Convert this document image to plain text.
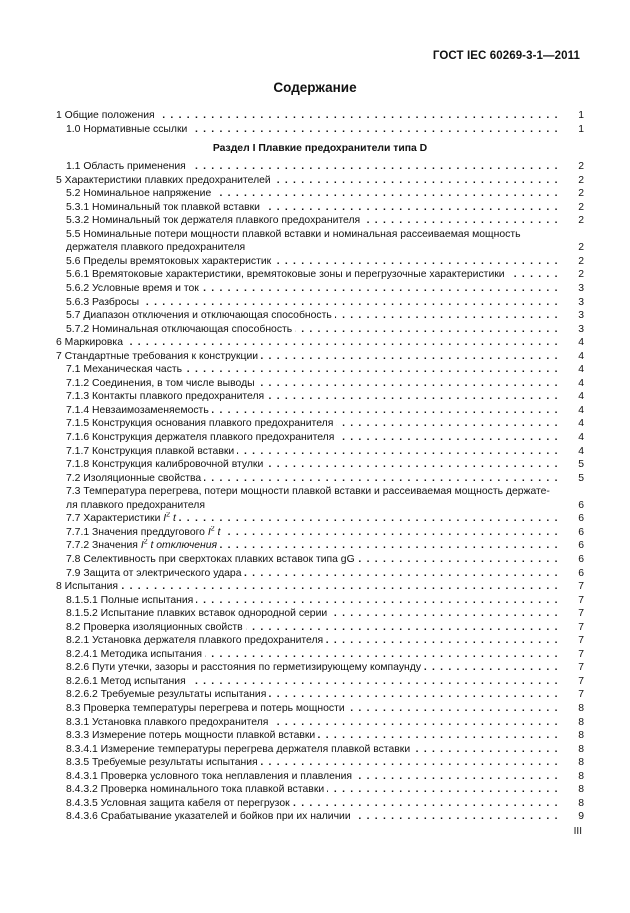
ГОСТ IEC 60269-3-1—2011
Содержание
1 Общие положения	1
. . .
1.0 Нормативные ссылки	1
. . .
Раздел I Плавкие предохранители типа D
1.1 Область применения	2
. . .
5 Характеристики плавких предохранителей	2
. . .
5.2 Номинальное напряжение	2
. . .
5.3.1 Номинальный ток плавкой вставки	2
. . .
5.3.2 Номинальный ток держателя плавкого предохранителя	2
. . .
5.5 Номинальные потери мощности плавкой вставки и номинальная рассеиваемая мощность
держателя плавкого предохранителя	2
5.6 Пределы времятоковых характеристик	2
. . .
5.6.1 Времятоковые характеристики, времятоковые зоны и перегрузочные характеристики	2
. . .
5.6.2 Условные время и ток	3
. . .
5.6.3 Разбросы	3
. . .
5.7 Диапазон отключения и отключающая способность	3
. . .
5.7.2 Номинальная отключающая способность	3
. . .
6 Маркировка	4
. . .
7 Стандартные требования к конструкции	4
. . .
7.1 Механическая часть	4
. . .
7.1.2 Соединения, в том числе выводы	4
. . .
7.1.3 Контакты плавкого предохранителя	4
. . .
7.1.4 Невзаимозаменяемость	4
. . .
7.1.5 Конструкция основания плавкого предохранителя	4
. . .
7.1.6 Конструкция держателя плавкого предохранителя	4
. . .
7.1.7 Конструкция плавкой вставки	4
. . .
7.1.8 Конструкция калибровочной втулки	5
. . .
7.2 Изоляционные свойства	5
. . .
7.3 Температура перегрева, потери мощности плавкой вставки и рассеиваемая мощность держате-
ля плавкого предохранителя	6
7.7 Характеристики $I^2$ t	6
. . .
7.7.1 Значения преддугового $I^2$ t	6
. . .
7.7.2 Значения $I^2$ t отключения	6
. . .
7.8 Селективность при сверхтоках плавких вставок типа gG	6
. . .
7.9 Защита от электрического удара	6
. . .
8 Испытания	7
. . .
8.1.5.1 Полные испытания	7
. . .
8.1.5.2 Испытание плавких вставок однородной серии	7
. . .
8.2 Проверка изоляционных свойств	7
. . .
8.2.1 Установка держателя плавкого предохранителя	7
. . .
8.2.4.1 Методика испытания	7
. . .
8.2.6 Пути утечки, зазоры и расстояния по герметизирующему компаунду	7
. . .
8.2.6.1 Метод испытания	7
. . .
8.2.6.2 Требуемые результаты испытания	7
. . .
8.3 Проверка температуры перегрева и потерь мощности	8
. . .
8.3.1 Установка плавкого предохранителя	8
. . .
8.3.3 Измерение потерь мощности плавкой вставки	8
. . .
8.3.4.1 Измерение температуры перегрева держателя плавкой вставки	8
. . .
8.3.5 Требуемые результаты испытания	8
. . .
8.4.3.1 Проверка условного тока неплавления и плавления	8
. . .
8.4.3.2 Проверка номинального тока плавкой вставки	8
. . .
8.4.3.5 Условная защита кабеля от перегрузок	8
. . .
8.4.3.6 Срабатывание указателей и бойков при их наличии	9
. . .
III
